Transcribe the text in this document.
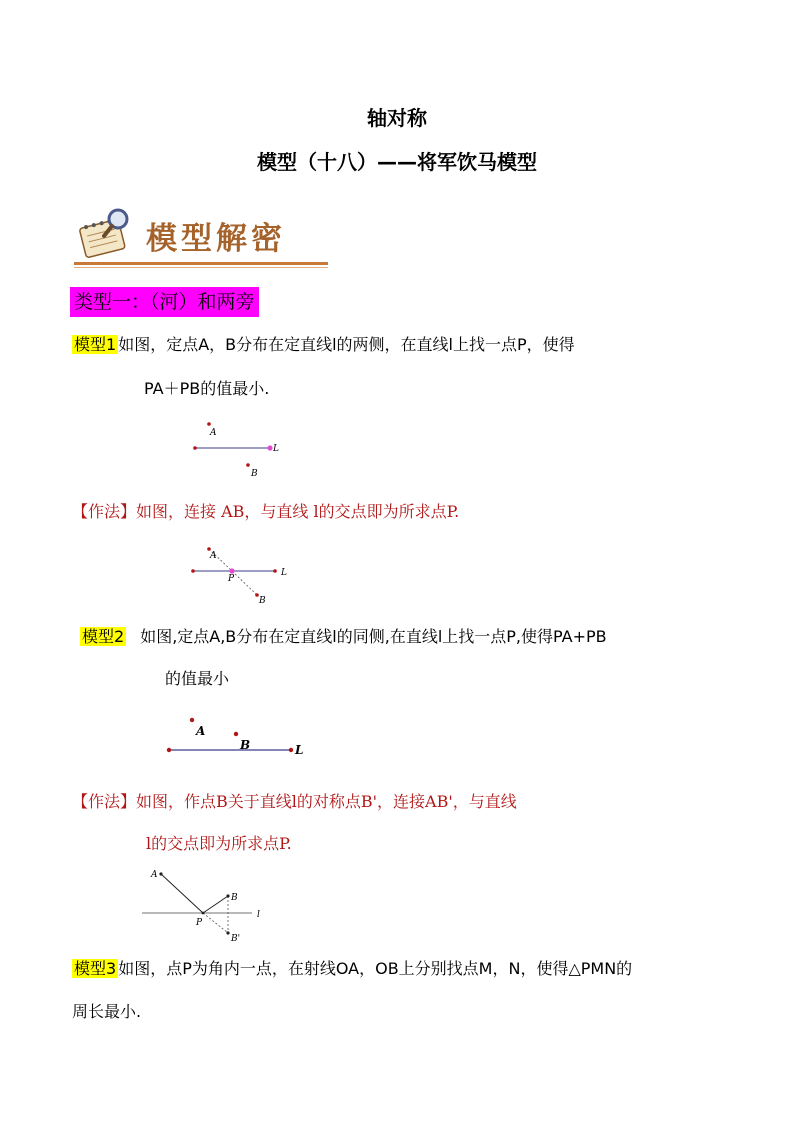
轴对称
模型（十八）——将军饮马模型
模型解密
类型一：（河）和两旁
模型1 如图，定点A，B分布在定直线l的两侧，在直线l上找一点P，使得
PA＋PB的值最小.
A
L
B
【作法】如图，连接 AB，与直线 l的交点即为所求点P.
A
P
L
B
模型2 如图,定点A,B分布在定直线l的同侧,在直线l上找一点P,使得PA+PB
的值最小
A
B	L
【作法】如图，作点B关于直线l的对称点B'，连接AB'，与直线
l的交点即为所求点P.
A
B
P
B'
l
模型3 如图，点P为角内一点，在射线OA，OB上分别找点M，N，使得△PMN的
周长最小.
